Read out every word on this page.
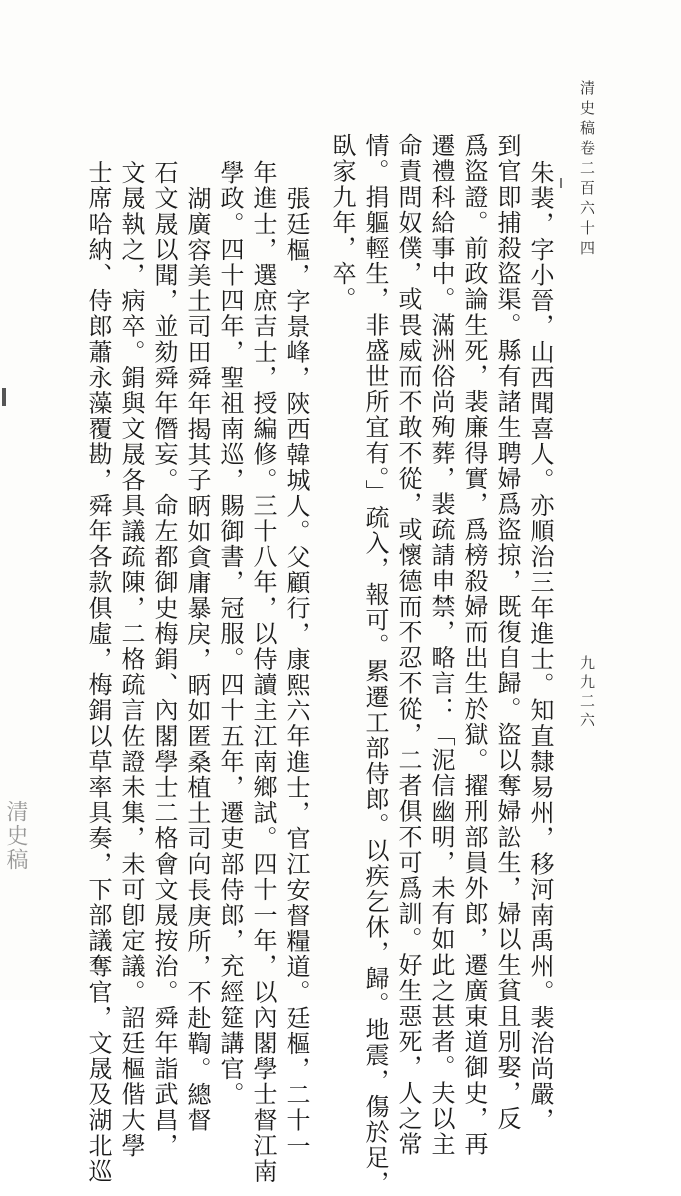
清史稿卷二百六十四
九九二六
朱裴，字小晉，山西聞喜人。亦順治三年進士。知直隸易州，移河南禹州。裴治尚嚴，
到官即捕殺盜渠。縣有諸生聘婦爲盜掠，既復自歸。盜以奪婦訟生，婦以生貧且別娶，反
爲盜證。前政論生死，裴廉得實，爲榜殺婦而出生於獄。擢刑部員外郎，遷廣東道御史，再
遷禮科給事中。滿洲俗尚殉葬，裴疏請申禁，略言：「泥信幽明，未有如此之甚者。夫以主
命責問奴僕，或畏威而不敢不從，或懷德而不忍不從，二者俱不可爲訓。好生惡死，人之常
情。捐軀輕生，非盛世所宜有。」疏入，報可。累遷工部侍郎。以疾乞休，歸。地震，傷於足，
臥家九年，卒。
張廷樞，字景峰，陝西韓城人。父顧行，康熙六年進士，官江安督糧道。廷樞，二十一
年進士，選庶吉士，授編修。三十八年，以侍讀主江南鄉試。四十一年，以內閣學士督江南
學政。四十四年，聖祖南巡，賜御書，冠服。四十五年，遷吏部侍郎，充經筵講官。
湖廣容美土司田舜年揭其子昞如貪庸暴戾，昞如匿桑植土司向長庚所，不赴鞫。總督
石文晟以聞，並劾舜年僭妄。命左都御史梅鋗、內閣學士二格會文晟按治。舜年詣武昌，
文晟執之，病卒。鋗與文晟各具議疏陳，二格疏言佐證未集，未可卽定議。詔廷樞偕大學
士席哈納、侍郎蕭永藻覆勘，舜年各款俱虛，梅鋗以草率具奏，下部議奪官，文晟及湖北巡
清史稿
